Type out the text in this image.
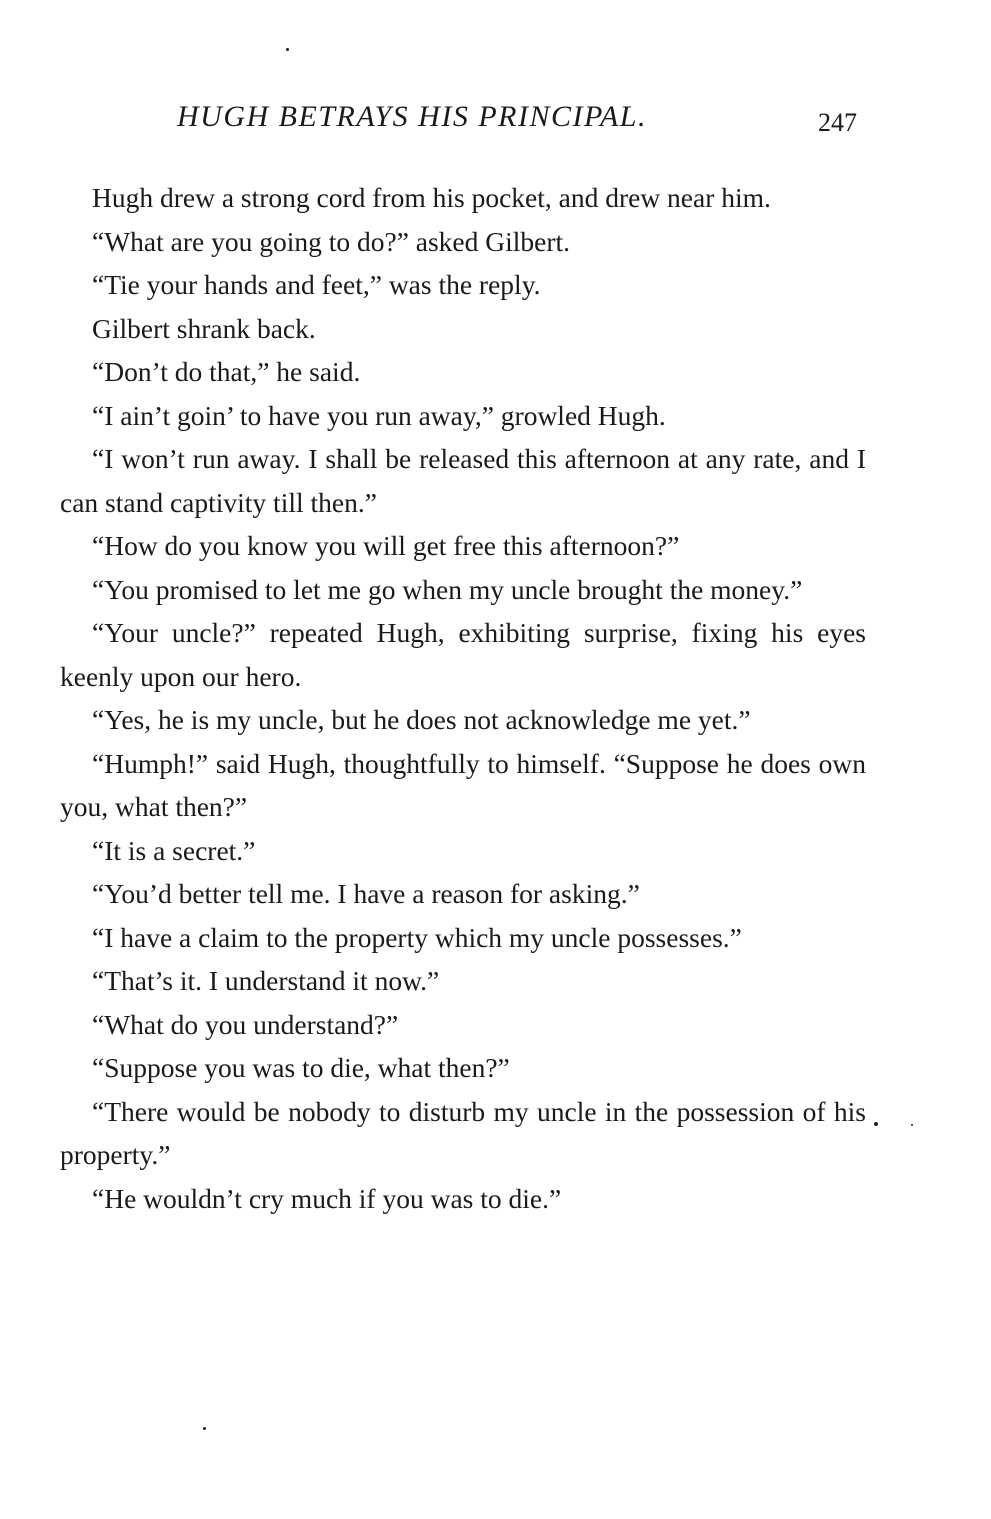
HUGH BETRAYS HIS PRINCIPAL.	247

Hugh drew a strong cord from his pocket, and drew near him.

“What are you going to do?” asked Gilbert.

“Tie your hands and feet,” was the reply.

Gilbert shrank back.

“Don’t do that,” he said.

“I ain’t goin’ to have you run away,” growled Hugh.

“I won’t run away. I shall be released this afternoon at any rate, and I can stand captivity till then.”

“How do you know you will get free this afternoon?”

“You promised to let me go when my uncle brought the money.”

“Your uncle?” repeated Hugh, exhibiting surprise, fixing his eyes keenly upon our hero.

“Yes, he is my uncle, but he does not acknowledge me yet.”

“Humph!” said Hugh, thoughtfully to himself. “Suppose he does own you, what then?”

“It is a secret.”

“You’d better tell me. I have a reason for asking.”

“I have a claim to the property which my uncle possesses.”

“That’s it. I understand it now.”

“What do you understand?”

“Suppose you was to die, what then?”

“There would be nobody to disturb my uncle in the possession of his property.”

“He wouldn’t cry much if you was to die.”
